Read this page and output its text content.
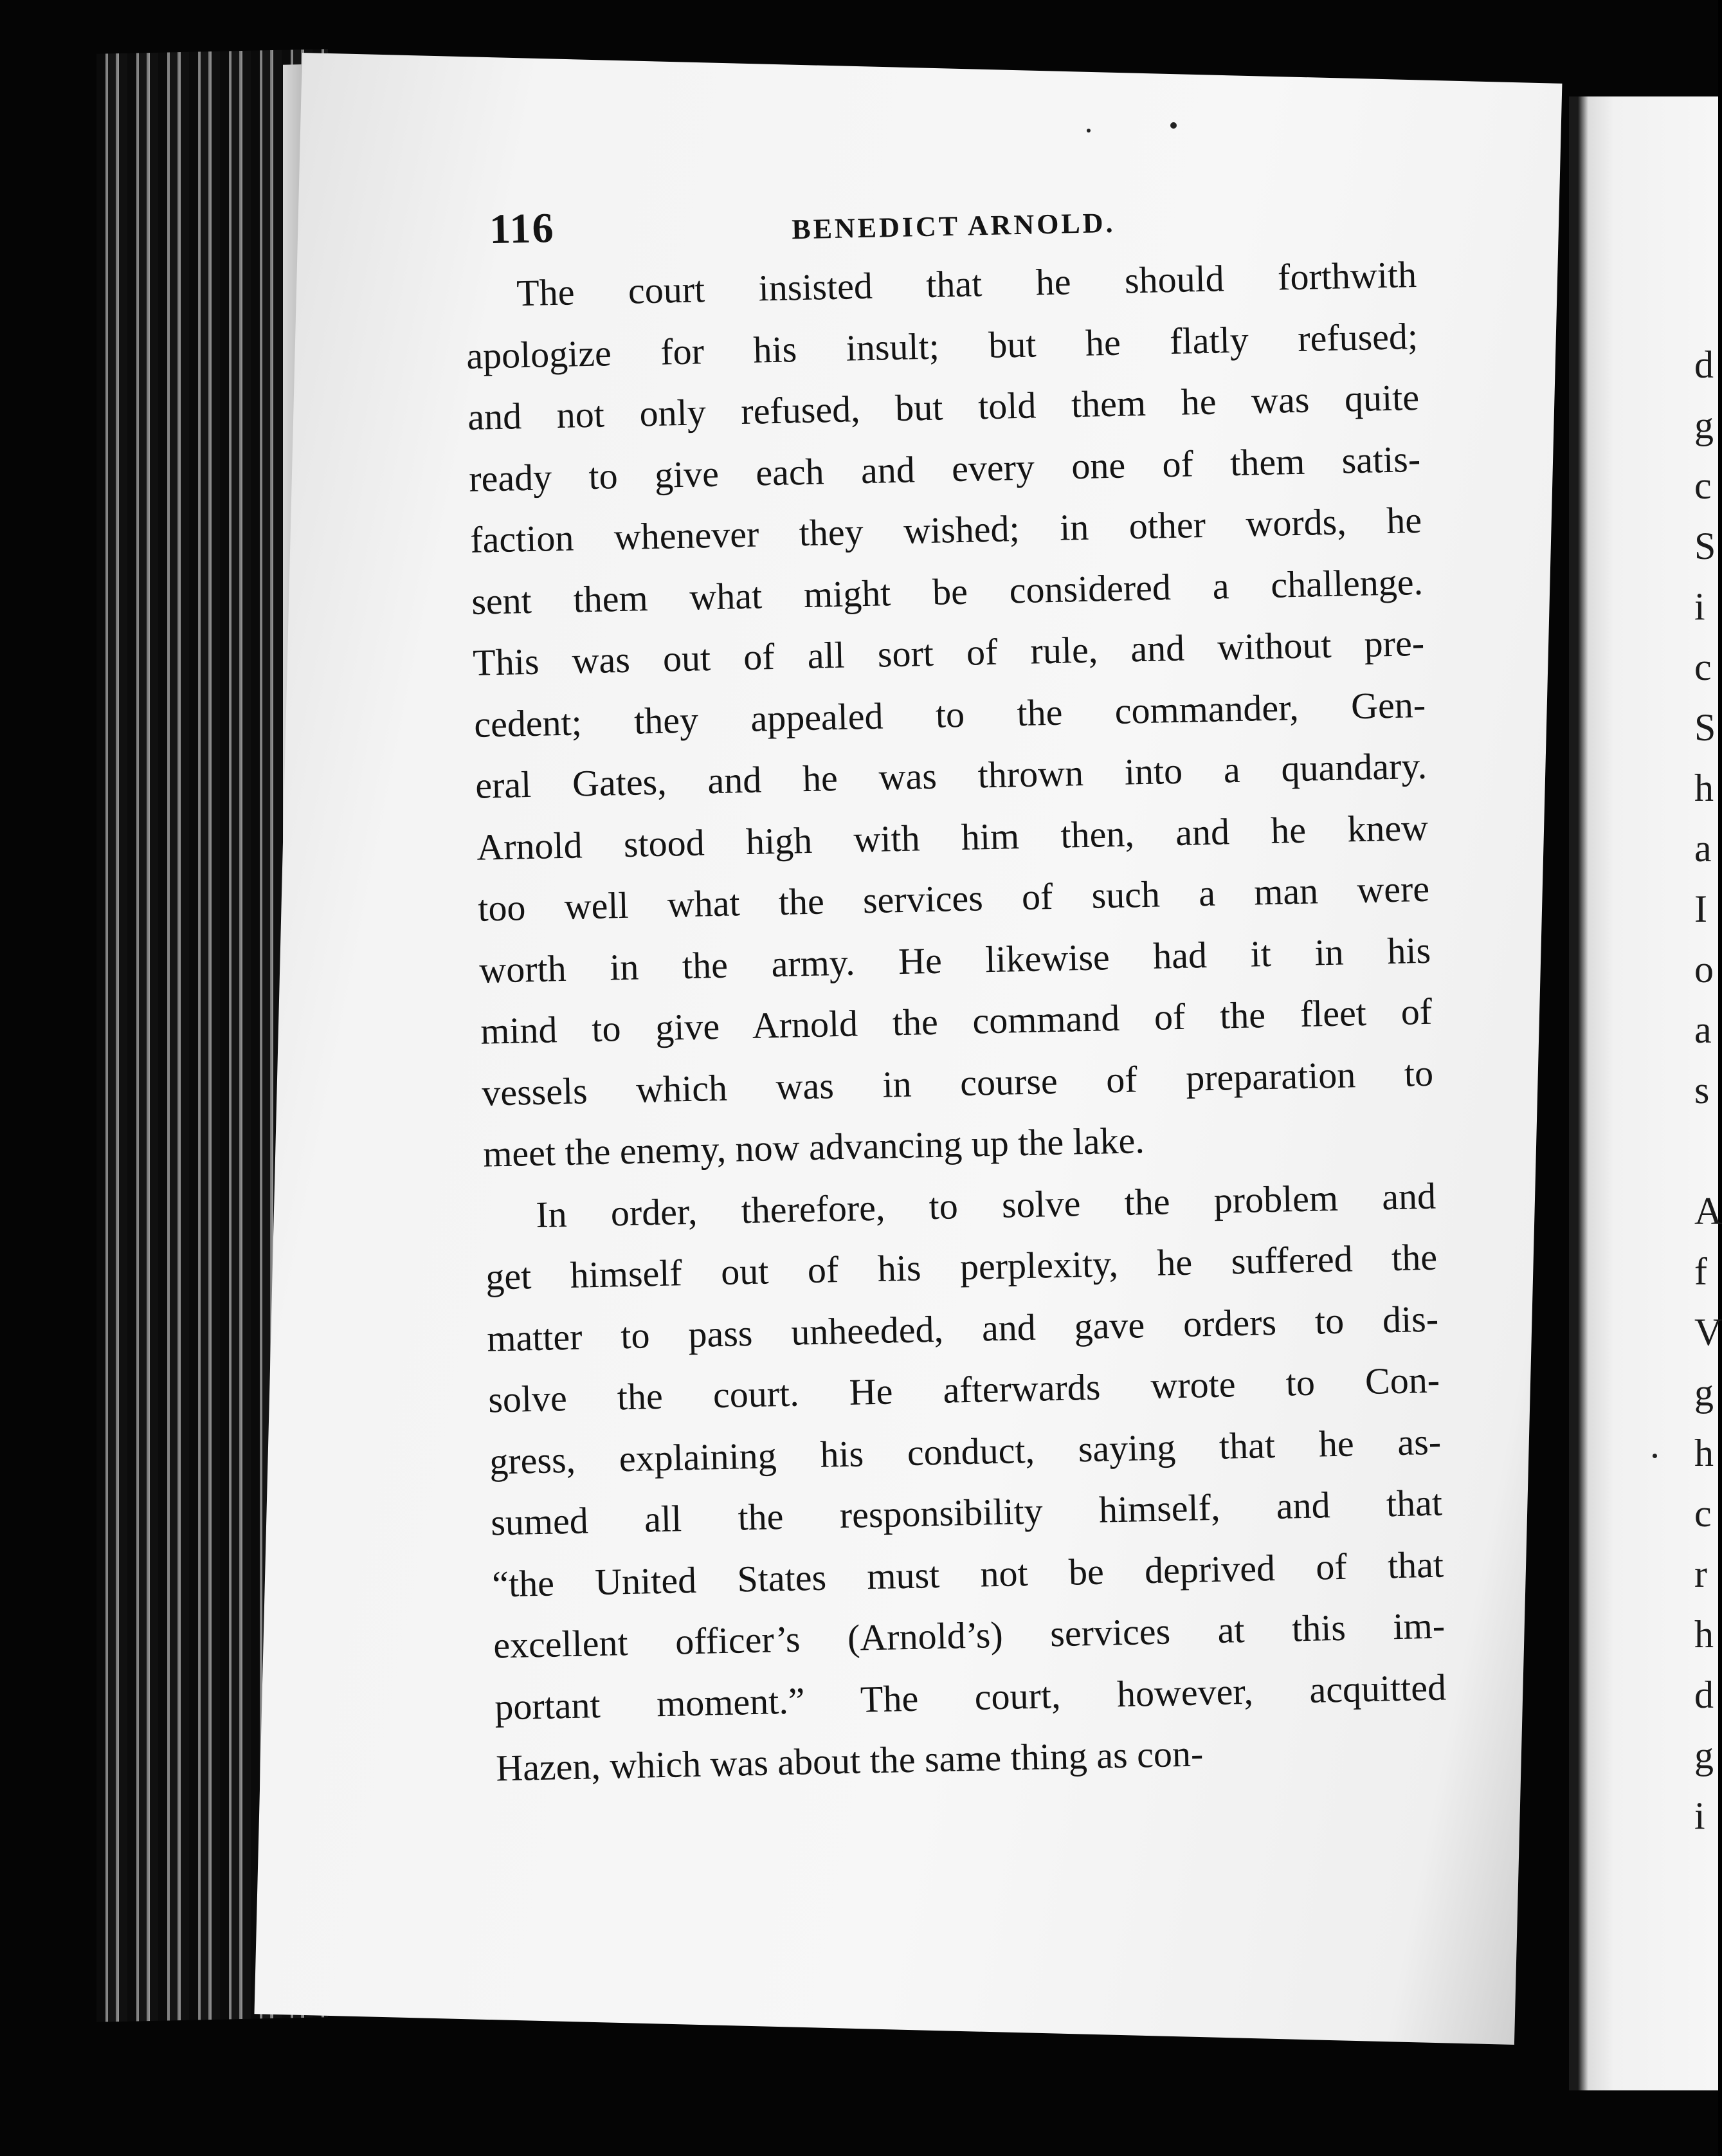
d
g
c
S
i
c
S
h
a
I
o
a
s
A
f
V
g
h
c
r
h
d
g
i
116	BENEDICT ARNOLD.
The court insisted that he should forthwith
apologize for his insult; but he flatly refused;
and not only refused, but told them he was quite
ready to give each and every one of them satis-
faction whenever they wished; in other words, he
sent them what might be considered a challenge.
This was out of all sort of rule, and without pre-
cedent; they appealed to the commander, Gen-
eral Gates, and he was thrown into a quandary.
Arnold stood high with him then, and he knew
too well what the services of such a man were
worth in the army. He likewise had it in his
mind to give Arnold the command of the fleet of
vessels which was in course of preparation to
meet the enemy, now advancing up the lake.
In order, therefore, to solve the problem and
get himself out of his perplexity, he suffered the
matter to pass unheeded, and gave orders to dis-
solve the court. He afterwards wrote to Con-
gress, explaining his conduct, saying that he as-
sumed all the responsibility himself, and that
“the United States must not be deprived of that
excellent officer’s (Arnold’s) services at this im-
portant moment.” The court, however, acquitted
Hazen, which was about the same thing as con-
